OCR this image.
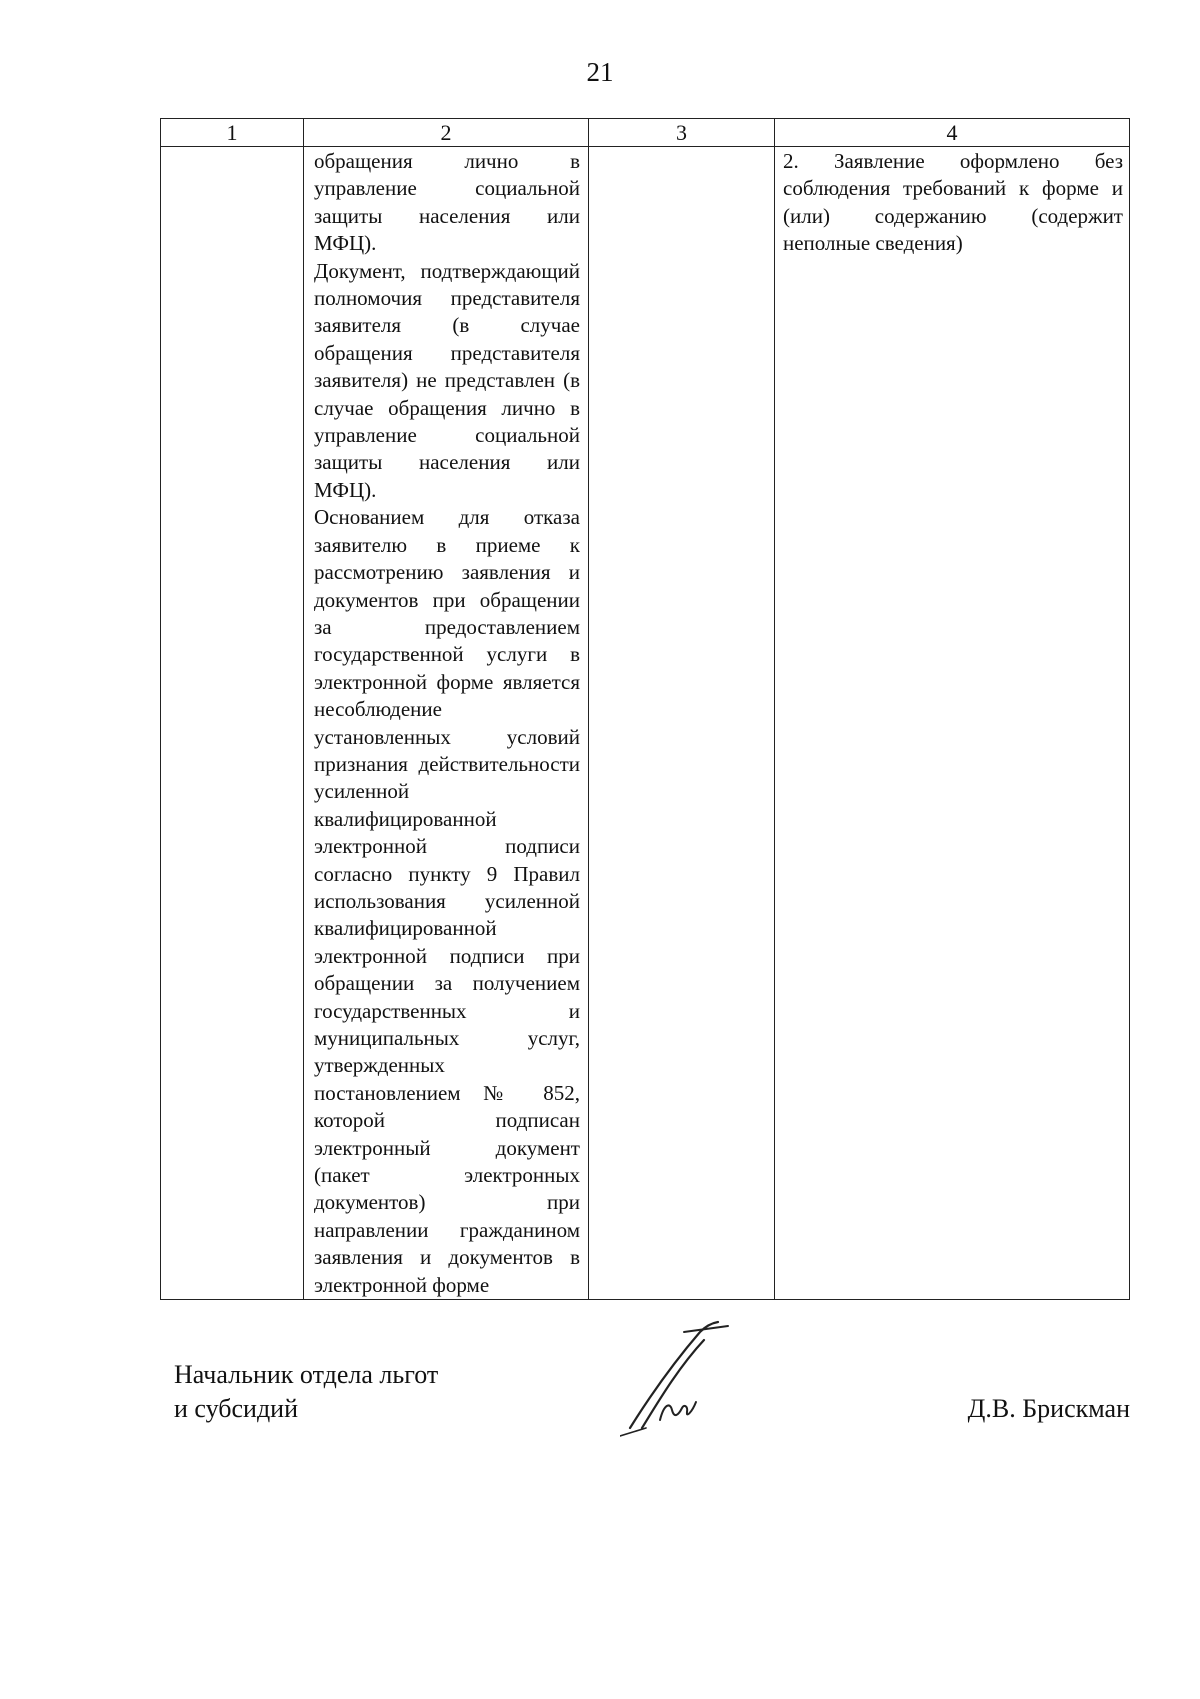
21
1	2	3	4

	обращения лично в управление социальной защиты населения или МФЦ).

Документ, подтверждающий полномочия представителя заявителя (в случае обращения представителя заявителя) не представлен (в случае обращения лично в управление социальной защиты населения или МФЦ).

Основанием для отказа заявителю в приеме к рассмотрению заявления и документов при обращении за предоставлением государственной услуги в электронной форме является несоблюдение установленных условий признания действительности усиленной квалифицированной электронной подписи согласно пункту 9 Правил использования усиленной квалифицированной электронной подписи при обращении за получением государственных и муниципальных услуг, утвержденных постановлением № 852, которой подписан электронный документ (пакет электронных документов) при направлении гражданином заявления и документов в электронной форме		2. Заявление оформлено без соблюдения требований к форме и (или) содержанию (содержит неполные сведения)

Начальник отдела льгот
и субсидий	Д.В. Брискман
